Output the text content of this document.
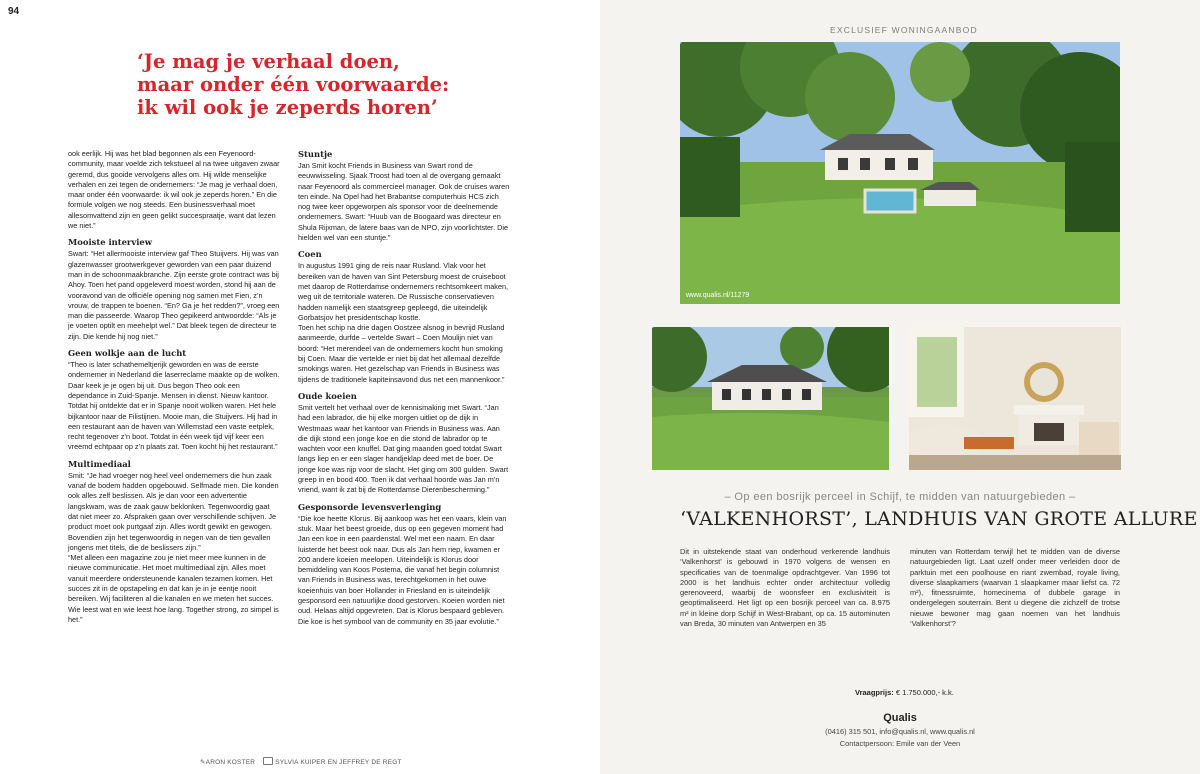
94
‘Je mag je verhaal doen,
maar onder één voorwaarde:
ik wil ook je zeperds horen’

ook eerlijk. Hij was het blad begonnen als een Feyenoord-community, maar voelde zich tekstueel al na twee uitgaven zwaar geremd, dus gooide vervolgens alles om. Hij wilde menselijke verhalen en zei tegen de ondernemers: “Je mag je verhaal doen, maar onder één voorwaarde: ik wil ook je zeperds horen.” En die formule volgen we nog steeds. Een businessverhaal moet allesomvattend zijn en geen gelikt succespraatje, want dat lezen we niet.”

Mooiste interview

Swart: “Het allermooiste interview gaf Theo Stuijvers. Hij was van glazenwasser grootwerkgever geworden van een paar duizend man in de schoonmaakbranche. Zijn eerste grote contract was bij Ahoy. Toen het pand opgeleverd moest worden, stond hij aan de vooravond van de officiële opening nog samen met Fien, z’n vrouw, de trappen te boenen. “En? Ga je het redden?”, vroeg een man die passeerde. Waarop Theo gepikeerd antwoordde: “Als je je voeten optilt en meehelpt wel.” Dat bleek tegen de directeur te zijn. Die kende hij nog niet.”

Geen wolkje aan de lucht

“Theo is later schathemeltjerijk geworden en was de eerste ondernemer in Nederland die laserreclame maakte op de wolken. Daar keek je je ogen bij uit. Dus begon Theo ook een dependance in Zuid-Spanje. Mensen in dienst. Nieuw kantoor. Totdat hij ontdekte dat er in Spanje nooit wolken waren. Het hele bijkantoor naar de Filistijnen. Mooie man, die Stuijvers. Hij had in een restaurant aan de haven van Willemstad een vaste eetplek, recht tegenover z’n boot. Totdat in één week tijd vijf keer een vreemd echtpaar op z’n plaats zat. Toen kocht hij het restaurant.”

Multimediaal

Smit: “Je had vroeger nog heel veel ondernemers die hun zaak vanaf de bodem hadden opgebouwd. Selfmade men. Die konden ook alles zelf beslissen. Als je dan voor een advertentie langskwam, was de zaak gauw beklonken. Tegenwoordig gaat dat niet meer zo. Afspraken gaan over verschillende schijven. Je product moet ook purtgaaf zijn. Alles wordt gewikt en gewogen. Bovendien zijn het tegenwoordig in negen van de tien gevallen jongens met titels, die de beslissers zijn.”

“Met alleen een magazine zou je niet meer mee kunnen in de nieuwe communicatie. Het moet multimediaal zijn. Alles moet vanuit meerdere ondersteunende kanalen tezamen komen. Het succes zit in de opstapeling en dat kan je in je eentje nooit bereiken. Wij faciliteren al die kanalen en we meten het succes. Wie leest wat en wie leest hoe lang. Together strong, zo simpel is het.”

Stuntje

Jan Smit kocht Friends in Business van Swart rond de eeuwwisseling. Sjaak Troost had toen al de overgang gemaakt naar Feyenoord als commercieel manager. Ook de cruises waren ten einde. Na Opel had het Brabantse computerhuis HCS zich nog twee keer opgeworpen als sponsor voor de deelnemende ondernemers. Swart: “Huub van de Boogaard was directeur en Shula Rijxman, de latere baas van de NPO, zijn voorlichtster. Die hielden wel van een stuntje.”

Coen

In augustus 1991 ging de reis naar Rusland. Vlak voor het bereiken van de haven van Sint Petersburg moest de cruiseboot met daarop de Rotterdamse ondernemers rechtsomkeert maken, weg uit de territoriale wateren. De Russische conservatieven hadden namelijk een staatsgreep gepleegd, die uiteindelijk Gorbatsjov het presidentschap kostte.

Toen het schip na drie dagen Oostzee alsnog in bevrijd Rusland aanmeerde, durfde – vertelde Swart – Coen Moulijn niet van boord: “Het merendeel van de ondernemers kocht hun smoking bij Coen. Maar die vertelde er niet bij dat het allemaal dezelfde smokings waren. Het gezelschap van Friends in Business was tijdens de traditionele kapiteinsavond dus net een mannenkoor.”

Oude koeien

Smit vertelt het verhaal over de kennismaking met Swart. “Jan had een labrador, die hij elke morgen uitliet op de dijk in Westmaas waar het kantoor van Friends in Business was. Aan die dijk stond een jonge koe en die stond de labrador op te wachten voor een knuffel. Dat ging maanden goed totdat Swart langs liep en er een slager handjeklap deed met de boer. De jonge koe was rijp voor de slacht. Het ging om 300 gulden. Swart greep in en bood 400. Toen ik dat verhaal hoorde was Jan m’n vriend, want ik zat bij de Rotterdamse Dierenbescherming.”

Gesponsorde levensverlenging

“Die koe heette Klorus. Bij aankoop was het een vaars, klein van stuk. Maar het beest groeide, dus op een gegeven moment had Jan een koe in een paardenstal. Wel met een naam. En daar luisterde het beest ook naar. Dus als Jan hem riep, kwamen er 200 andere koeien meelopen. Uiteindelijk is Klorus door bemiddeling van Koos Postema, die vanaf het begin columnist van Friends in Business was, terechtgekomen in het ouwe koeienhuis van boer Hollander in Friesland en is uiteindelijk gesponsord een natuurlijke dood gestorven. Koeien worden niet oud. Helaas altijd opgevreten. Dat is Klorus bespaard gebleven. Die koe is het symbool van de community en 35 jaar evolutie.”

✎ARON KOSTER	SYLVIA KUIPER EN JEFFREY DE REGT
EXCLUSIEF WONINGAANBOD
www.qualis.nl/11279
– Op een bosrijk perceel in Schijf, te midden van natuurgebieden –
‘VALKENHORST’, LANDHUIS VAN GROTE ALLURE
Dit in uitstekende staat van onderhoud verkerende landhuis ‘Valkenhorst’ is gebouwd in 1970 volgens de wensen en specificaties van de toenmalige opdrachtgever. Van 1996 tot 2000 is het landhuis echter onder architectuur volledig gerenoveerd, waarbij de woonsfeer en exclusiviteit is geoptimaliseerd. Het ligt op een bosrijk perceel van ca. 8.975 m² in kleine dorp Schijf in West-Brabant, op ca. 15 autominuten van Breda, 30 minuten van Antwerpen en 35
minuten van Rotterdam terwijl het te midden van de diverse natuurgebieden ligt. Laat uzelf onder meer verleiden door de parktuin met een poolhouse en riant zwembad, royale living, diverse slaapkamers (waarvan 1 slaapkamer maar liefst ca. 72 m²), fitnessruimte, homecinema of dubbele garage in ondergelegen souterrain. Bent u diegene die zichzelf de trotse nieuwe bewoner mag gaan noemen van het landhuis ‘Valkenhorst’?
Vraagprijs: € 1.750.000,- k.k.
Qualis
(0416) 315 501, info@qualis.nl, www.qualis.nl
Contactpersoon: Emile van der Veen
